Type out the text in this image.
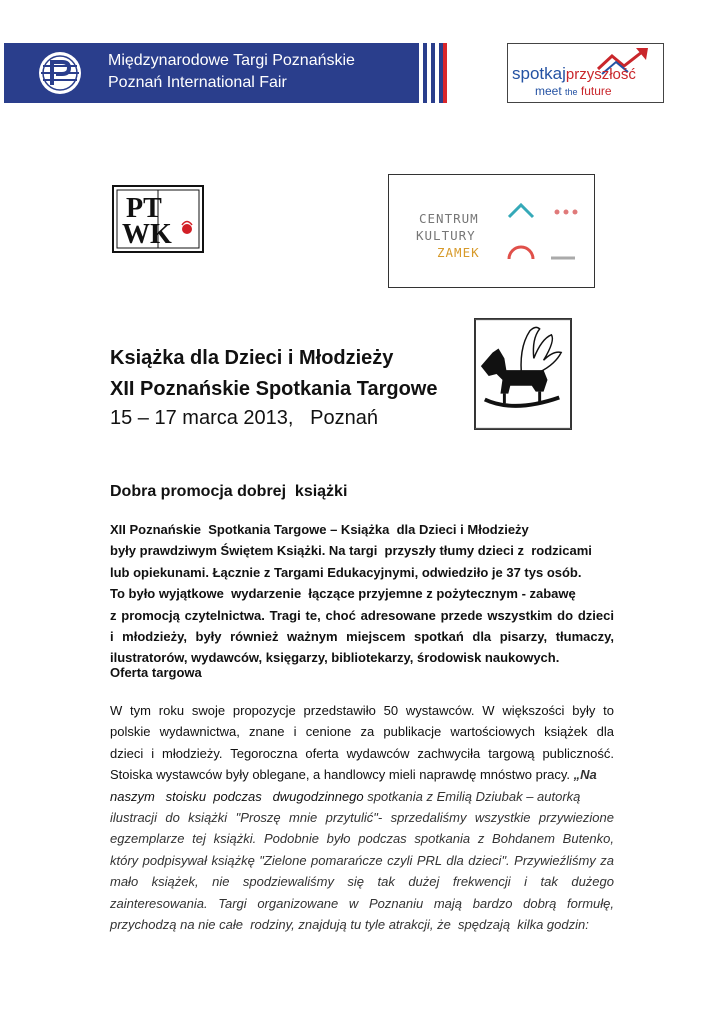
Międzynarodowe Targi Poznańskie
Poznań International Fair	spotkajprzyszłość
meet the future
PT
WK
CENTRUM
KULTURY
ZAMEK
Książka dla Dzieci i Młodzieży
XII Poznańskie Spotkania Targowe
15 – 17 marca 2013,   Poznań
Dobra promocja dobrej  książki
XII Poznańskie  Spotkania Targowe – Książka  dla Dzieci i Młodzieży
były prawdziwym Świętem Książki. Na targi  przyszły tłumy dzieci z  rodzicami
lub opiekunami. Łącznie z Targami Edukacyjnymi, odwiedziło je 37 tys osób.
To było wyjątkowe  wydarzenie  łączące przyjemne z pożytecznym - zabawę
z promocją czytelnictwa. Tragi te, choć adresowane przede wszystkim do dzieci
i młodzieży, były również ważnym miejscem spotkań dla pisarzy, tłumaczy,
ilustratorów, wydawców, księgarzy, bibliotekarzy, środowisk naukowych.
Oferta targowa
W tym roku swoje propozycje przedstawiło 50 wystawców. W większości były to
polskie wydawnictwa, znane i cenione za publikacje wartościowych książek dla
dzieci i młodzieży. Tegoroczna oferta wydawców zachwyciła targową publiczność.
Stoiska wystawców były oblegane, a handlowcy mieli naprawdę mnóstwo pracy. „Na
naszym   stoisku  podczas   dwugodzinnego spotkania z Emilią Dziubak – autorką
ilustracji do książki "Proszę mnie przytulić"- sprzedaliśmy wszystkie przywiezione
egzemplarze tej książki. Podobnie było podczas spotkania z Bohdanem Butenko,
który podpisywał książkę "Zielone pomarańcze czyli PRL dla dzieci". Przywieźliśmy za
mało książek, nie spodziewaliśmy się tak dużej frekwencji i tak dużego
zainteresowania. Targi organizowane w Poznaniu mają bardzo dobrą formułę,
przychodzą na nie całe  rodziny, znajdują tu tyle atrakcji, że  spędzają  kilka godzin:
